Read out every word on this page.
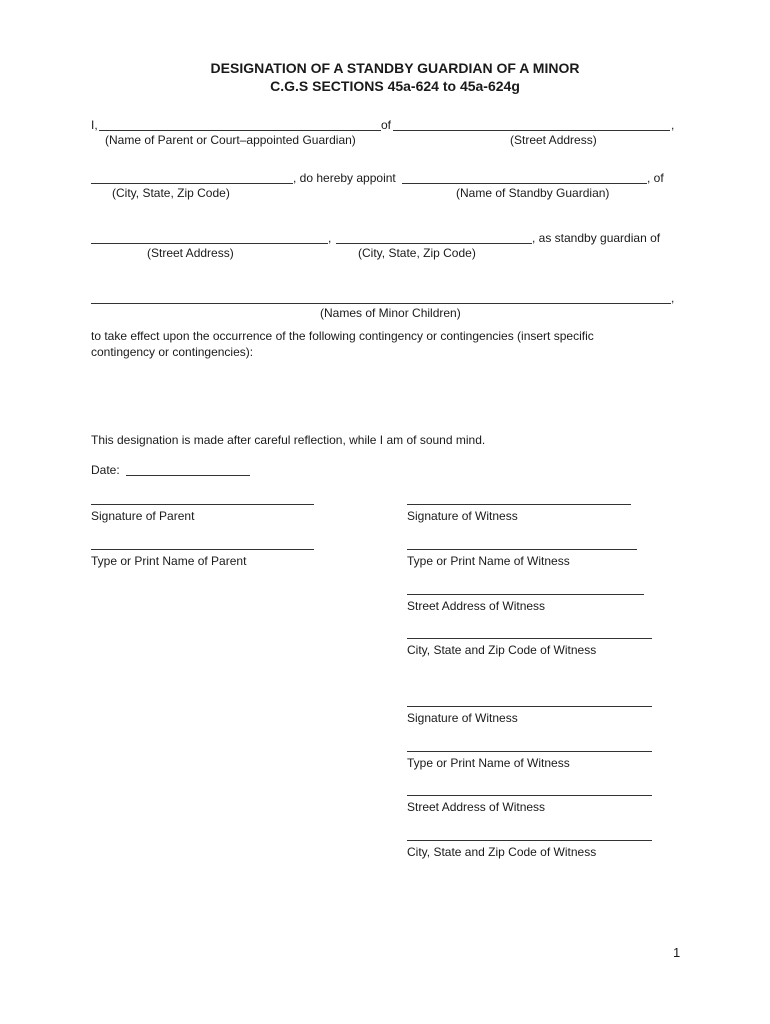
DESIGNATION OF A STANDBY GUARDIAN OF A MINOR
C.G.S SECTIONS 45a-624 to 45a-624g
I,	of	,
(Name of Parent or Court–appointed Guardian)	(Street Address)
, do hereby appoint	, of
(City, State, Zip Code)	(Name of Standby Guardian)
,	, as standby guardian of
(Street Address)	(City, State, Zip Code)
,
(Names of Minor Children)
to take effect upon the occurrence of the following contingency or contingencies (insert specific
contingency or contingencies):
This designation is made after careful reflection, while I am of sound mind.
Date:
Signature of Parent
Type or Print Name of Parent
Signature of Witness
Type or Print Name of Witness
Street Address of Witness
City, State and Zip Code of Witness
Signature of Witness
Type or Print Name of Witness
Street Address of Witness
City, State and Zip Code of Witness
1
